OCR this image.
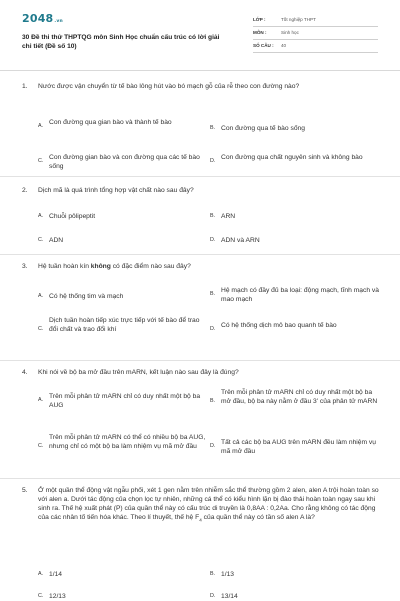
2048.vn
30 Đề thi thử THPTQG môn Sinh Học chuẩn cấu trúc có lời giải chi tiết (Đề số 10)
LỚP :	Tốt nghiệp THPT
MÔN :	Sinh học
SỐ CÂU :	40
1.	Nước được vận chuyển từ tế bào lông hút vào bó mạch gỗ của rễ theo con đường nào?
A. Con đường qua gian bào và thành tế bào
B. Con đường qua tế bào sống
C. Con đường gian bào và con đường qua các tế bào sống
D. Con đường qua chất nguyên sinh và không bào
2.	Dịch mã là quá trình tổng hợp vật chất nào sau đây?
A. Chuỗi pôlipeptit	B. ARN
C. ADN	D. ADN và ARN
3.	Hệ tuần hoàn kín không có đặc điểm nào sau đây?
A. Có hệ thống tim và mạch	B. Hệ mạch có đầy đủ ba loại: động mạch, tĩnh mạch và mao mạch
C.
Dịch tuần hoàn tiếp xúc trực tiếp với tế bào để trao đổi chất và trao đổi khí	D. Có hệ thống dịch mô bao quanh tế bào
4.	Khi nói về bộ ba mở đầu trên mARN, kết luận nào sau đây là đúng?
A. Trên mỗi phân tử mARN chỉ có duy nhất một bộ ba AUG
B.
Trên mỗi phân tử mARN chỉ có duy nhất một bộ ba mở đầu, bộ ba này nằm ở đầu 3' của phân tử mARN
C.
Trên mỗi phân tử mARN có thể có nhiều bộ ba AUG, nhưng chỉ có một bộ ba làm nhiệm vụ mã mở đầu	D. Tất cả các bộ ba AUG trên mARN đều làm nhiệm vụ mã mở đầu
5.	Ở một quần thể động vật ngẫu phối, xét 1 gen nằm trên nhiễm sắc thể thường gồm 2 alen, alen A trội hoàn toàn so với alen a. Dưới tác động của chọn lọc tự nhiên, những cá thể có kiểu hình lặn bị đào thải hoàn toàn ngay sau khi sinh ra. Thế hệ xuất phát (P) của quần thể này có cấu trúc di truyền là 0,8AA : 0,2Aa. Cho rằng không có tác động của các nhân tố tiến hóa khác. Theo lí thuyết, thế hệ $F_4$ của quần thể này có tần số alen A là?
A. 1/14	B. 1/13
C. 12/13	D. 13/14
